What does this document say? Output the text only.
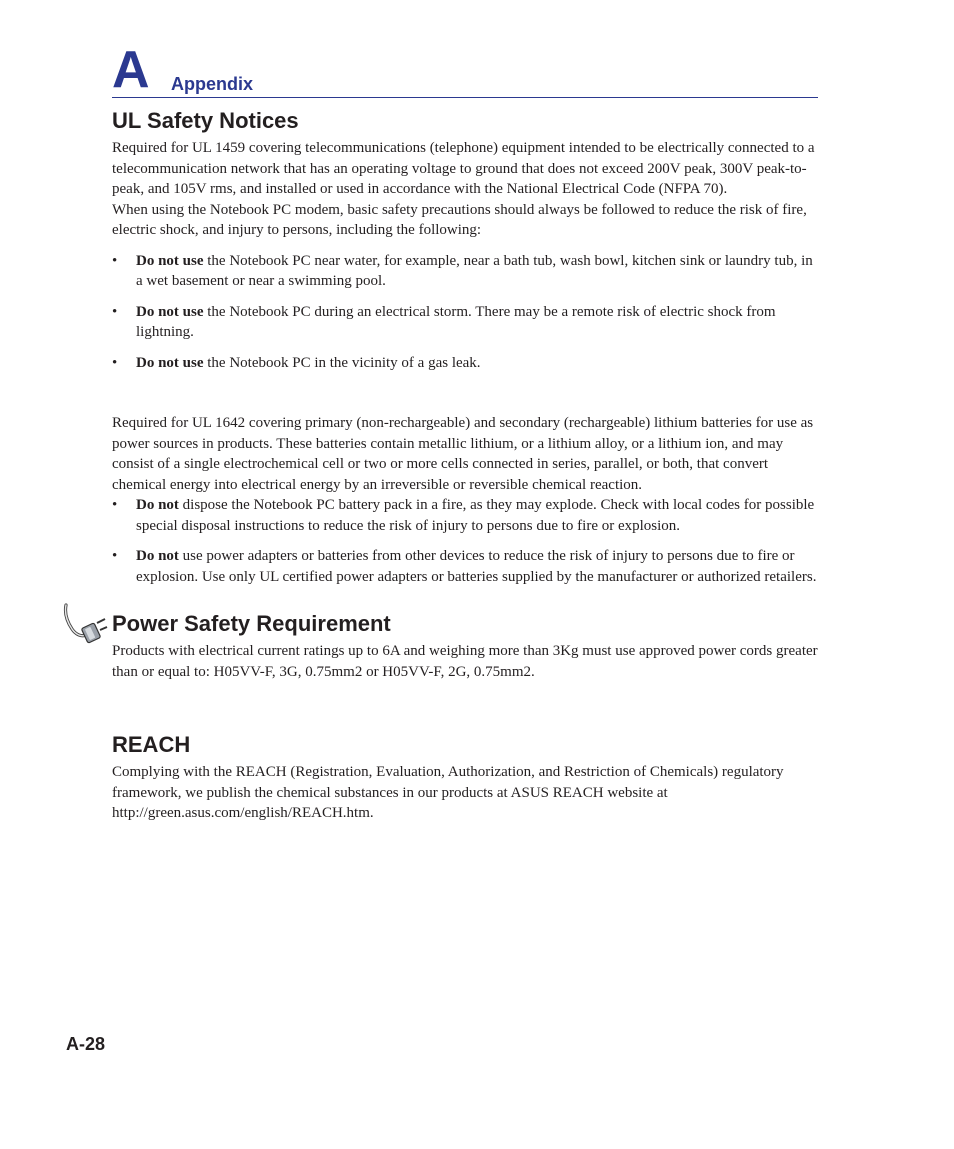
A Appendix
UL Safety Notices

Required for UL 1459 covering telecommunications (telephone) equipment intended to be electrically connected to a telecommunication network that has an operating voltage to ground that does not exceed 200V peak, 300V peak-to-peak, and 105V rms, and installed or used in accordance with the National Electrical Code (NFPA 70).

When using the Notebook PC modem, basic safety precautions should always be followed to reduce the risk of fire, electric shock, and injury to persons, including the following:

• Do not use the Notebook PC near water, for example, near a bath tub, wash bowl, kitchen sink or laundry tub, in a wet basement or near a swimming pool.
• Do not use the Notebook PC during an electrical storm. There may be a remote risk of electric shock from lightning.
• Do not use the Notebook PC in the vicinity of a gas leak.

Required for UL 1642 covering primary (non-rechargeable) and secondary (rechargeable) lithium batteries for use as power sources in products. These batteries contain metallic lithium, or a lithium alloy, or a lithium ion, and may consist of a single electrochemical cell or two or more cells connected in series, parallel, or both, that convert chemical energy into electrical energy by an irreversible or reversible chemical reaction.

• Do not dispose the Notebook PC battery pack in a fire, as they may explode. Check with local codes for possible special disposal instructions to reduce the risk of injury to persons due to fire or explosion.
• Do not use power adapters or batteries from other devices to reduce the risk of injury to persons due to fire or explosion. Use only UL certified power adapters or batteries supplied by the manufacturer or authorized retailers.
Power Safety Requirement

Products with electrical current ratings up to 6A and weighing more than 3Kg must use approved power cords greater than or equal to: H05VV-F, 3G, 0.75mm2 or H05VV-F, 2G, 0.75mm2.

REACH

Complying with the REACH (Registration, Evaluation, Authorization, and Restriction of Chemicals) regulatory framework, we publish the chemical substances in our products at ASUS REACH website at http://green.asus.com/english/REACH.htm.

A-28
